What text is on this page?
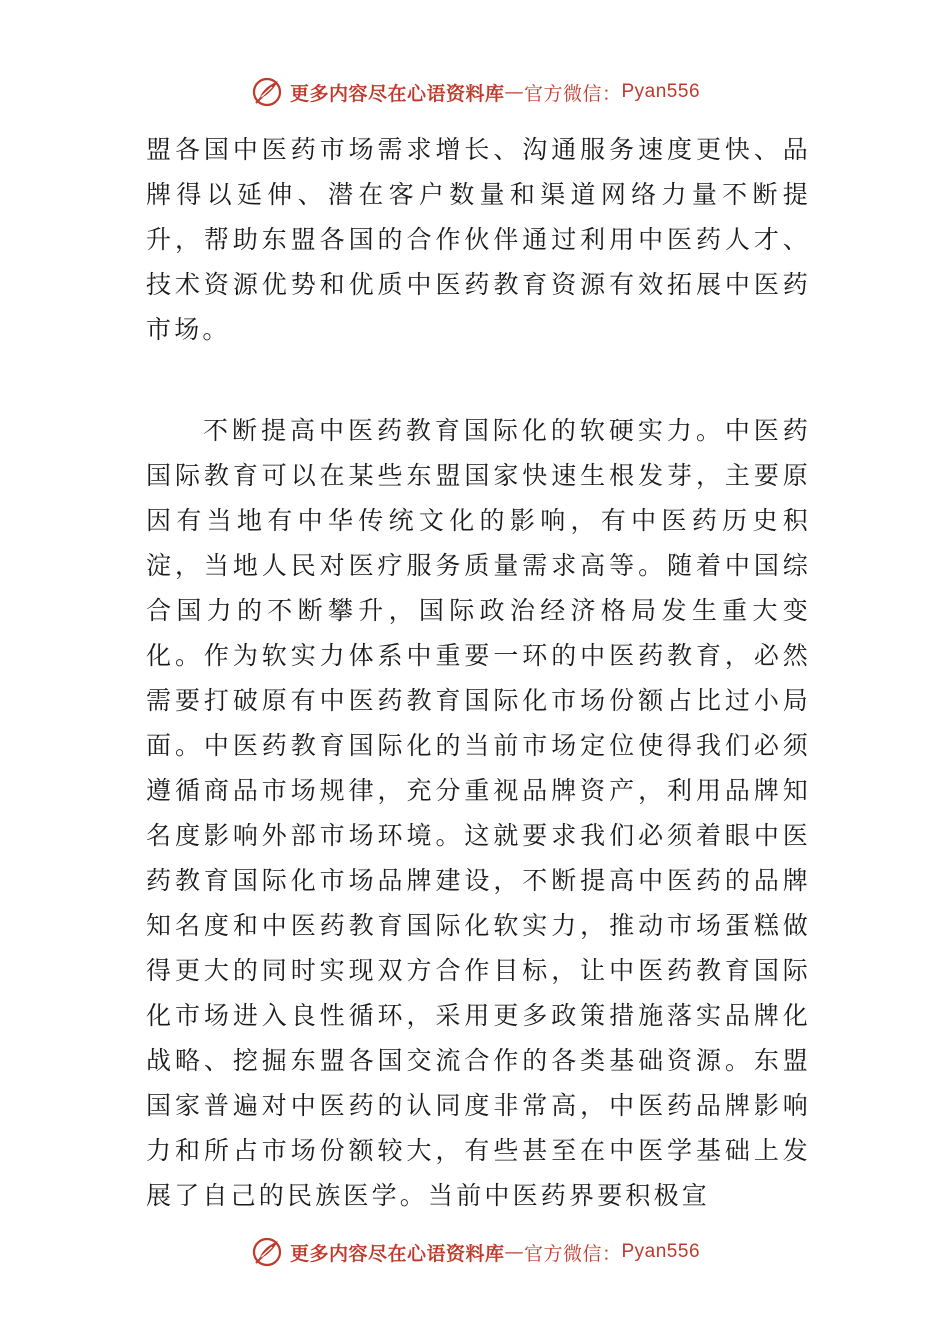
更多内容尽在心语资料库 — 官方微信： Pyan556

盟各国中医药市场需求增长、沟通服务速度更快、品牌得以延伸、潜在客户数量和渠道网络力量不断提升，帮助东盟各国的合作伙伴通过利用中医药人才、技术资源优势和优质中医药教育资源有效拓展中医药市场。

不断提高中医药教育国际化的软硬实力。中医药国际教育可以在某些东盟国家快速生根发芽，主要原因有当地有中华传统文化的影响，有中医药历史积淀，当地人民对医疗服务质量需求高等。随着中国综合国力的不断攀升，国际政治经济格局发生重大变化。作为软实力体系中重要一环的中医药教育，必然需要打破原有中医药教育国际化市场份额占比过小局面。中医药教育国际化的当前市场定位使得我们必须遵循商品市场规律，充分重视品牌资产，利用品牌知名度影响外部市场环境。这就要求我们必须着眼中医药教育国际化市场品牌建设，不断提高中医药的品牌知名度和中医药教育国际化软实力，推动市场蛋糕做得更大的同时实现双方合作目标，让中医药教育国际化市场进入良性循环，采用更多政策措施落实品牌化战略、挖掘东盟各国交流合作的各类基础资源。东盟国家普遍对中医药的认同度非常高，中医药品牌影响力和所占市场份额较大，有些甚至在中医学基础上发展了自己的民族医学。当前中医药界要积极宣

更多内容尽在心语资料库 — 官方微信： Pyan556
